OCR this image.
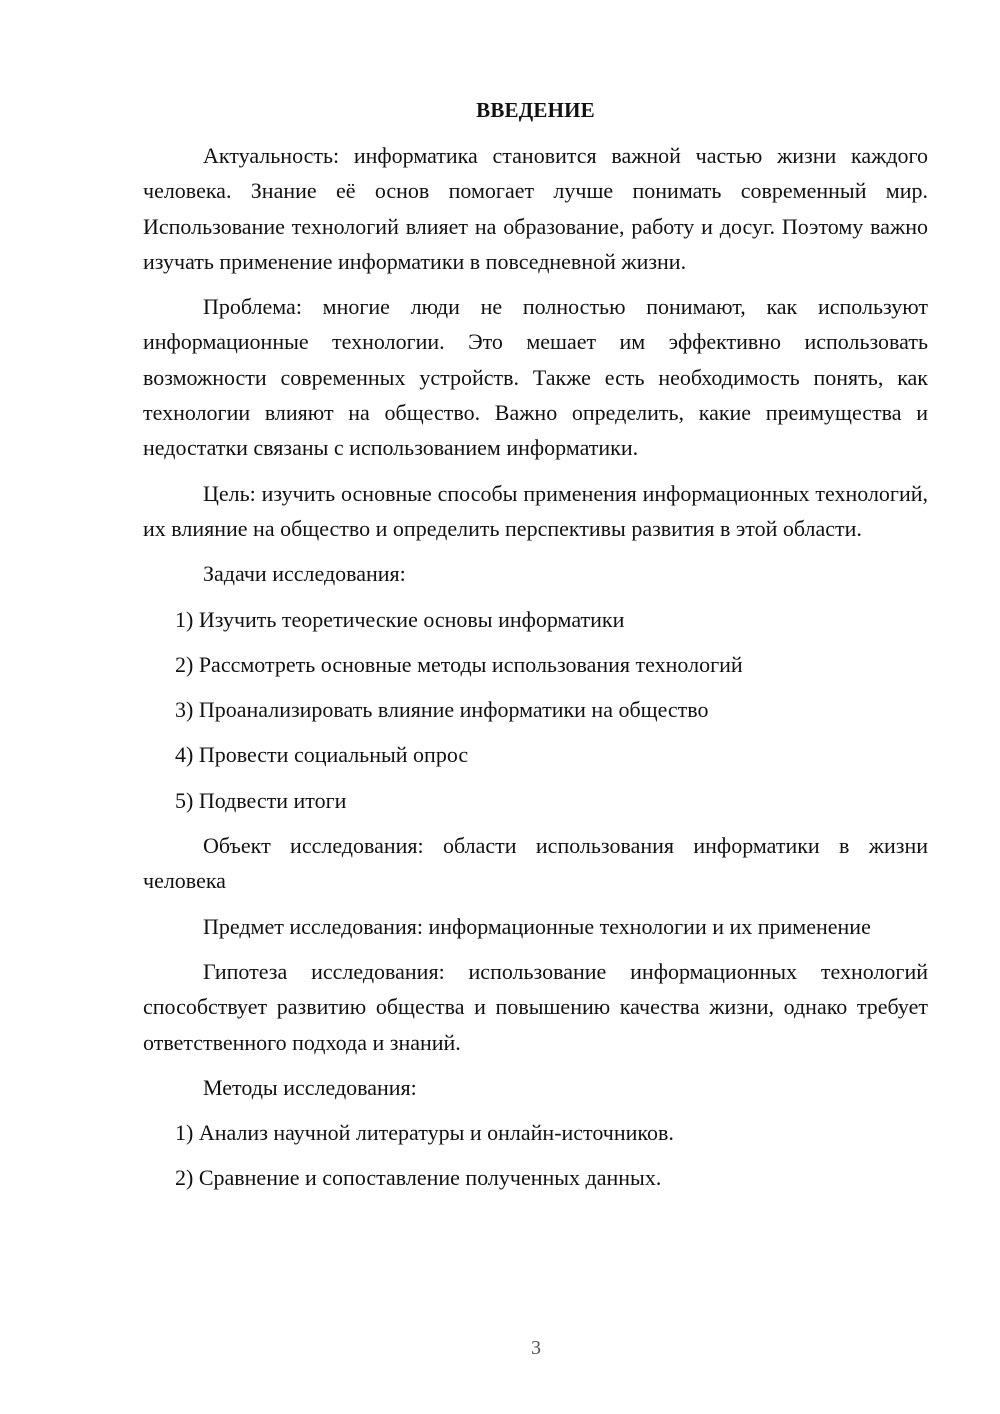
ВВЕДЕНИЕ

Актуальность: информатика становится важной частью жизни каждого человека. Знание её основ помогает лучше понимать современный мир. Использование технологий влияет на образование, работу и досуг. Поэтому важно изучать применение информатики в повседневной жизни.

Проблема: многие люди не полностью понимают, как используют информационные технологии. Это мешает им эффективно использовать возможности современных устройств. Также есть необходимость понять, как технологии влияют на общество. Важно определить, какие преимущества и недостатки связаны с использованием информатики.

Цель: изучить основные способы применения информационных технологий, их влияние на общество и определить перспективы развития в этой области.

Задачи исследования:

1) Изучить теоретические основы информатики
2) Рассмотреть основные методы использования технологий
3) Проанализировать влияние информатики на общество
4) Провести социальный опрос
5) Подвести итоги

Объект исследования: области использования информатики в жизни человека

Предмет исследования: информационные технологии и их применение

Гипотеза исследования: использование информационных технологий способствует развитию общества и повышению качества жизни, однако требует ответственного подхода и знаний.

Методы исследования:

1) Анализ научной литературы и онлайн-источников.
2) Сравнение и сопоставление полученных данных.
3
